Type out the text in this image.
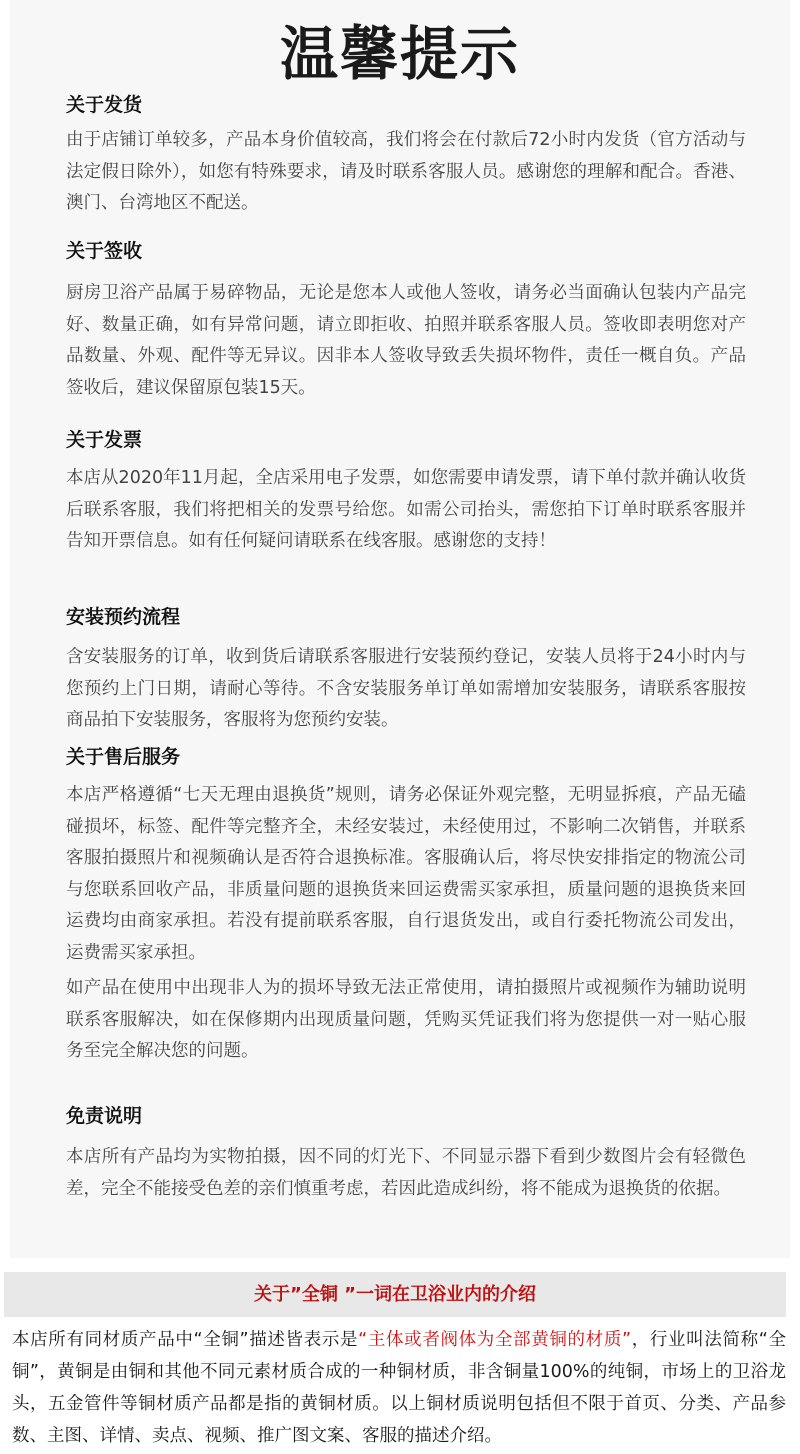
温馨提示
关于发货

由于店铺订单较多，产品本身价值较高，我们将会在付款后72小时内发货（官方活动与法定假日除外），如您有特殊要求，请及时联系客服人员。感谢您的理解和配合。香港、澳门、台湾地区不配送。

关于签收

厨房卫浴产品属于易碎物品，无论是您本人或他人签收，请务必当面确认包装内产品完好、数量正确，如有异常问题，请立即拒收、拍照并联系客服人员。签收即表明您对产品数量、外观、配件等无异议。因非本人签收导致丢失损坏物件，责任一概自负。产品签收后，建议保留原包装15天。

关于发票

本店从2020年11月起，全店采用电子发票，如您需要申请发票，请下单付款并确认收货后联系客服，我们将把相关的发票号给您。如需公司抬头，需您拍下订单时联系客服并告知开票信息。如有任何疑问请联系在线客服。感谢您的支持！

安装预约流程

含安装服务的订单，收到货后请联系客服进行安装预约登记，安装人员将于24小时内与您预约上门日期，请耐心等待。不含安装服务单订单如需增加安装服务，请联系客服按商品拍下安装服务，客服将为您预约安装。

关于售后服务

本店严格遵循“七天无理由退换货”规则，请务必保证外观完整，无明显拆痕，产品无磕碰损坏，标签、配件等完整齐全，未经安装过，未经使用过，不影响二次销售，并联系客服拍摄照片和视频确认是否符合退换标准。客服确认后，将尽快安排指定的物流公司与您联系回收产品，非质量问题的退换货来回运费需买家承担，质量问题的退换货来回运费均由商家承担。若没有提前联系客服，自行退货发出，或自行委托物流公司发出，运费需买家承担。

如产品在使用中出现非人为的损坏导致无法正常使用，请拍摄照片或视频作为辅助说明联系客服解决，如在保修期内出现质量问题，凭购买凭证我们将为您提供一对一贴心服务至完全解决您的问题。

免责说明

本店所有产品均为实物拍摄，因不同的灯光下、不同显示器下看到少数图片会有轻微色差，完全不能接受色差的亲们慎重考虑，若因此造成纠纷，将不能成为退换货的依据。

关于”全铜 ”一词在卫浴业内的介绍
本店所有同材质产品中“全铜”描述皆表示是“主体或者阀体为全部黄铜的材质”，行业叫法简称“全铜”，黄铜是由铜和其他不同元素材质合成的一种铜材质，非含铜量100%的纯铜，市场上的卫浴龙头，五金管件等铜材质产品都是指的黄铜材质。以上铜材质说明包括但不限于首页、分类、产品参数、主图、详情、卖点、视频、推广图文案、客服的描述介绍。
